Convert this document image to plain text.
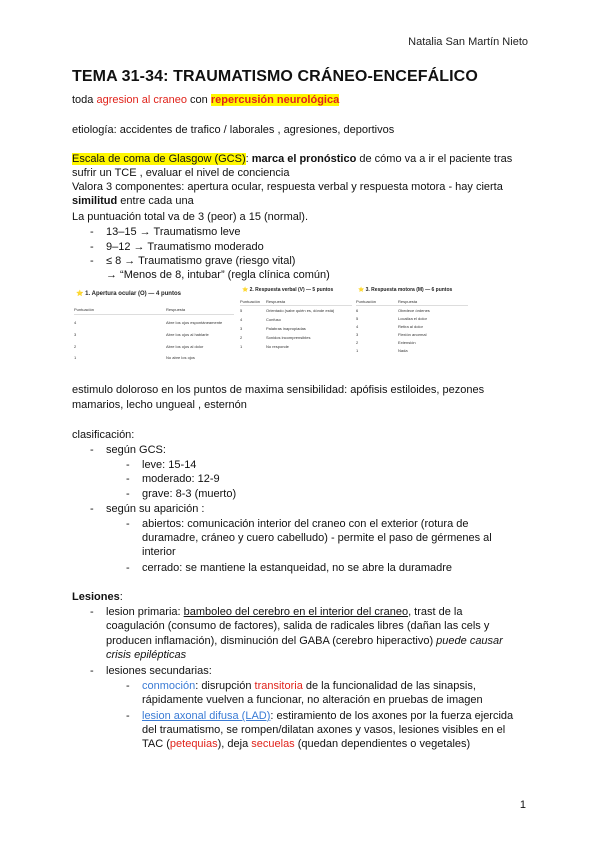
Natalia San Martín Nieto
TEMA 31-34: TRAUMATISMO CRÁNEO-ENCEFÁLICO
toda agresion al craneo con repercusión neurológica
etiología: accidentes de trafico / laborales , agresiones, deportivos
Escala de coma de Glasgow (GCS): marca el pronóstico de cómo va a ir el paciente tras
sufrir un TCE , evaluar el nivel de conciencia
Valora 3 componentes: apertura ocular, respuesta verbal y respuesta motora - hay cierta
similitud entre cada una
La puntuación total va de 3 (peor) a 15 (normal).
- 13–15 → Traumatismo leve
- 9–12 → Traumatismo moderado
- ≤ 8 → Traumatismo grave (riesgo vital)
→ “Menos de 8, intubar” (regla clínica común)
⭐ 1. Apertura ocular (O) — 4 puntos
Puntuación	Respuesta
4	Abre los ojos espontáneamente
3	Abre los ojos al hablarle
2	Abre los ojos al dolor
1	No abre los ojos
⭐ 2. Respuesta verbal (V) — 5 puntos
Puntuación Respuesta
5	Orientado (sabe quién es, dónde está)
4	Confuso
3	Palabras inapropiadas
2	Sonidos incomprensibles
1	No responde
⭐ 3. Respuesta motora (M) — 6 puntos
Puntuación	Respuesta
6	Obedece órdenes
5	Localiza el dolor
4	Retira al dolor
3	Flexión anormal
2	Extensión
1	Nada
estimulo doloroso en los puntos de maxima sensibilidad: apófisis estiloides, pezones
mamarios, lecho ungueal , esternón
clasificación:
- según GCS:
- leve: 15-14
- moderado: 12-9
- grave: 8-3 (muerto)
- según su aparición :
- abiertos: comunicación interior del craneo con el exterior (rotura de
duramadre, cráneo y cuero cabelludo) - permite el paso de gérmenes al
interior
- cerrado: se mantiene la estanqueidad, no se abre la duramadre
Lesiones:
- lesion primaria: bamboleo del cerebro en el interior del craneo, trast de la
coagulación (consumo de factores), salida de radicales libres (dañan las cels y
producen inflamación), disminución del GABA (cerebro hiperactivo) puede causar
crisis epilépticas
- lesiones secundarias:
- conmoción: disrupción transitoria de la funcionalidad de las sinapsis,
rápidamente vuelven a funcionar, no alteración en pruebas de imagen
- lesion axonal difusa (LAD): estiramiento de los axones por la fuerza ejercida
del traumatismo, se rompen/dilatan axones y vasos, lesiones visibles en el
TAC (petequias), deja secuelas (quedan dependientes o vegetales)
1
